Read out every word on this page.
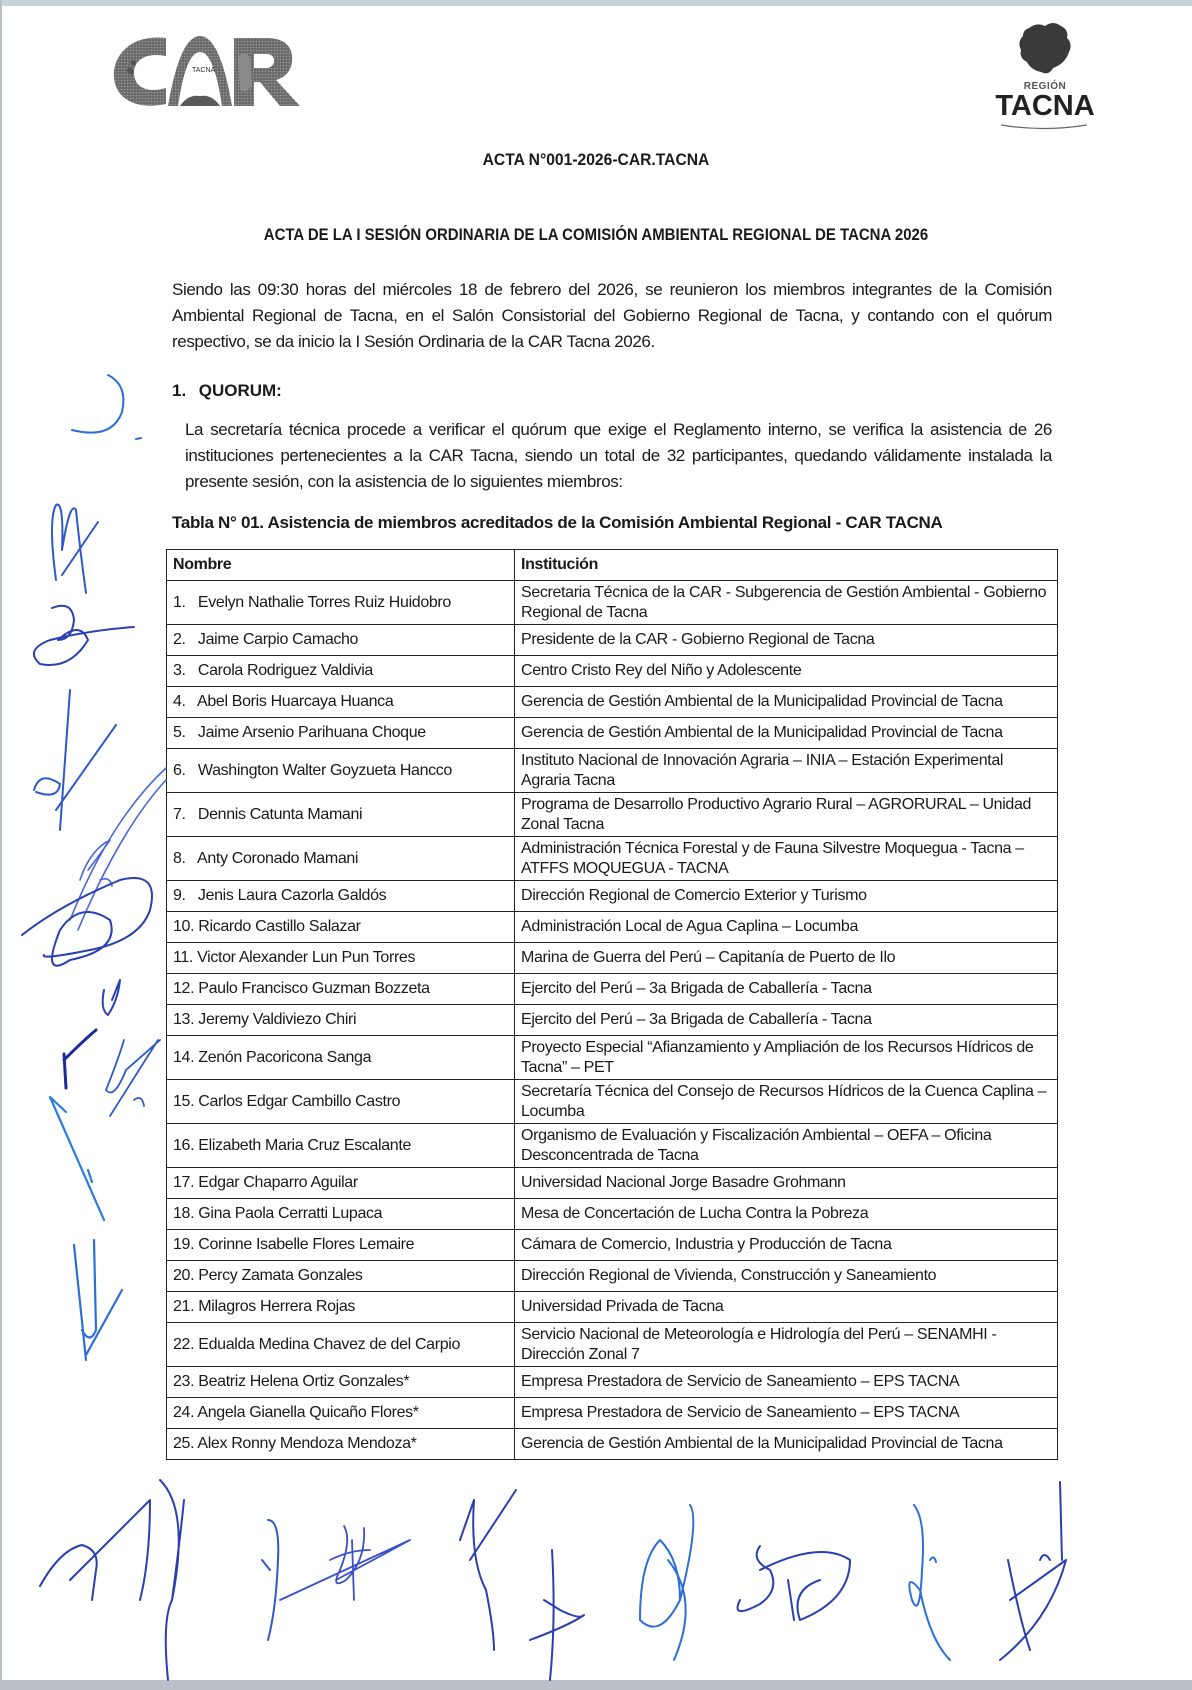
TACNA
REGIÓN
TACNA
ACTA N°001-2026-CAR.TACNA
ACTA DE LA I SESIÓN ORDINARIA DE LA COMISIÓN AMBIENTAL REGIONAL DE TACNA 2026
Siendo las 09:30 horas del miércoles 18 de febrero del 2026, se reunieron los miembros integrantes de la Comisión Ambiental Regional de Tacna, en el Salón Consistorial del Gobierno Regional de Tacna, y contando con el quórum respectivo, se da inicio la I Sesión Ordinaria de la CAR Tacna 2026.
1. QUORUM:
La secretaría técnica procede a verificar el quórum que exige el Reglamento interno, se verifica la asistencia de 26 instituciones pertenecientes a la CAR Tacna, siendo un total de 32 participantes, quedando válidamente instalada la presente sesión, con la asistencia de lo siguientes miembros:
Tabla N° 01. Asistencia de miembros acreditados de la Comisión Ambiental Regional - CAR TACNA
Nombre	Institución
1.   Evelyn Nathalie Torres Ruiz Huidobro	Secretaria Técnica de la CAR - Subgerencia de Gestión Ambiental - Gobierno Regional de Tacna
2.   Jaime Carpio Camacho	Presidente de la CAR - Gobierno Regional de Tacna
3.   Carola Rodriguez Valdivia	Centro Cristo Rey del Niño y Adolescente
4.   Abel Boris Huarcaya Huanca	Gerencia de Gestión Ambiental de la Municipalidad Provincial de Tacna
5.   Jaime Arsenio Parihuana Choque	Gerencia de Gestión Ambiental de la Municipalidad Provincial de Tacna
6.   Washington Walter Goyzueta Hancco	Instituto Nacional de Innovación Agraria – INIA – Estación Experimental Agraria Tacna
7.   Dennis Catunta Mamani	Programa de Desarrollo Productivo Agrario Rural – AGRORURAL – Unidad Zonal Tacna
8.   Anty Coronado Mamani	Administración Técnica Forestal y de Fauna Silvestre Moquegua - Tacna – ATFFS MOQUEGUA - TACNA
9.   Jenis Laura Cazorla Galdós	Dirección Regional de Comercio Exterior y Turismo
10. Ricardo Castillo Salazar	Administración Local de Agua Caplina – Locumba
11. Victor Alexander Lun Pun Torres	Marina de Guerra del Perú – Capitanía de Puerto de Ilo
12. Paulo Francisco Guzman Bozzeta	Ejercito del Perú – 3a Brigada de Caballería - Tacna
13. Jeremy Valdiviezo Chiri	Ejercito del Perú – 3a Brigada de Caballería - Tacna
14. Zenón Pacoricona Sanga	Proyecto Especial “Afianzamiento y Ampliación de los Recursos Hídricos de Tacna” – PET
15. Carlos Edgar Cambillo Castro	Secretaría Técnica del Consejo de Recursos Hídricos de la Cuenca Caplina – Locumba
16. Elizabeth Maria Cruz Escalante	Organismo de Evaluación y Fiscalización Ambiental – OEFA – Oficina Desconcentrada de Tacna
17. Edgar Chaparro Aguilar	Universidad Nacional Jorge Basadre Grohmann
18. Gina Paola Cerratti Lupaca	Mesa de Concertación de Lucha Contra la Pobreza
19. Corinne Isabelle Flores Lemaire	Cámara de Comercio, Industria y Producción de Tacna
20. Percy Zamata Gonzales	Dirección Regional de Vivienda, Construcción y Saneamiento
21. Milagros Herrera Rojas	Universidad Privada de Tacna
22. Edualda Medina Chavez de del Carpio	Servicio Nacional de Meteorología e Hidrología del Perú – SENAMHI - Dirección Zonal 7
23. Beatriz Helena Ortiz Gonzales*	Empresa Prestadora de Servicio de Saneamiento – EPS TACNA
24. Angela Gianella Quicaño Flores*	Empresa Prestadora de Servicio de Saneamiento – EPS TACNA
25. Alex Ronny Mendoza Mendoza*	Gerencia de Gestión Ambiental de la Municipalidad Provincial de Tacna
